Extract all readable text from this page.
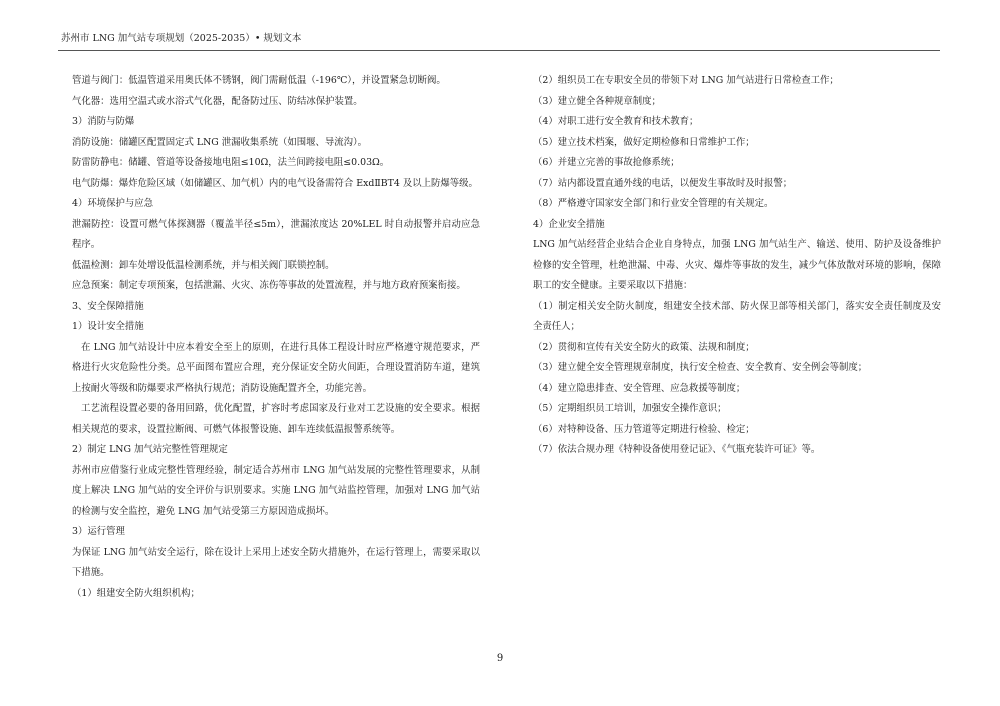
苏州市 LNG 加气站专项规划（2025-2035）• 规划文本

管道与阀门：低温管道采用奥氏体不锈钢，阀门需耐低温（-196℃），并设置紧急切断阀。

气化器：选用空温式或水浴式气化器，配备防过压、防结冰保护装置。

3）消防与防爆

消防设施：储罐区配置固定式 LNG 泄漏收集系统（如围堰、导流沟）。

防雷防静电：储罐、管道等设备接地电阻≤10Ω，法兰间跨接电阻≤0.03Ω。

电气防爆：爆炸危险区域（如储罐区、加气机）内的电气设备需符合 ExdⅡBT4 及以上防爆等级。

4）环境保护与应急

泄漏防控：设置可燃气体探测器（覆盖半径≤5m），泄漏浓度达 20%LEL 时自动报警并启动应急程序。

低温检测：卸车处增设低温检测系统，并与相关阀门联锁控制。

应急预案：制定专项预案，包括泄漏、火灾、冻伤等事故的处置流程，并与地方政府预案衔接。

3、安全保障措施

1）设计安全措施

在 LNG 加气站设计中应本着安全至上的原则，在进行具体工程设计时应严格遵守规范要求，严格进行火灾危险性分类。总平面图布置应合理，充分保证安全防火间距，合理设置消防车道，建筑上按耐火等级和防爆要求严格执行规范；消防设施配置齐全，功能完善。

工艺流程设置必要的备用回路，优化配置，扩容时考虑国家及行业对工艺设施的安全要求。根据相关规范的要求，设置拉断阀、可燃气体报警设施、卸车连续低温报警系统等。

2）制定 LNG 加气站完整性管理规定

苏州市应借鉴行业成完整性管理经验，制定适合苏州市 LNG 加气站发展的完整性管理要求，从制度上解决 LNG 加气站的安全评价与识别要求。实施 LNG 加气站监控管理，加强对 LNG 加气站的检测与安全监控，避免 LNG 加气站受第三方原因造成损坏。

3）运行管理

为保证 LNG 加气站安全运行，除在设计上采用上述安全防火措施外，在运行管理上，需要采取以下措施。

（1）组建安全防火组织机构；

（2）组织员工在专职安全员的带领下对 LNG 加气站进行日常检查工作；

（3）建立健全各种规章制度；

（4）对职工进行安全教育和技术教育；

（5）建立技术档案，做好定期检修和日常维护工作；

（6）并建立完善的事故抢修系统；

（7）站内都设置直通外线的电话，以便发生事故时及时报警；

（8）严格遵守国家安全部门和行业安全管理的有关规定。

4）企业安全措施

LNG 加气站经营企业结合企业自身特点，加强 LNG 加气站生产、输送、使用、防护及设备维护检修的安全管理，杜绝泄漏、中毒、火灾、爆炸等事故的发生，减少气体放散对环境的影响，保障职工的安全健康。主要采取以下措施：

（1）制定相关安全防火制度，组建安全技术部、防火保卫部等相关部门，落实安全责任制度及安全责任人；

（2）贯彻和宣传有关安全防火的政策、法规和制度；

（3）建立健全安全管理规章制度，执行安全检查、安全教育、安全例会等制度；

（4）建立隐患排查、安全管理、应急救援等制度；

（5）定期组织员工培训，加强安全操作意识；

（6）对特种设备、压力管道等定期进行检验、检定；

（7）依法合规办理《特种设备使用登记证》、《气瓶充装许可证》等。

9
